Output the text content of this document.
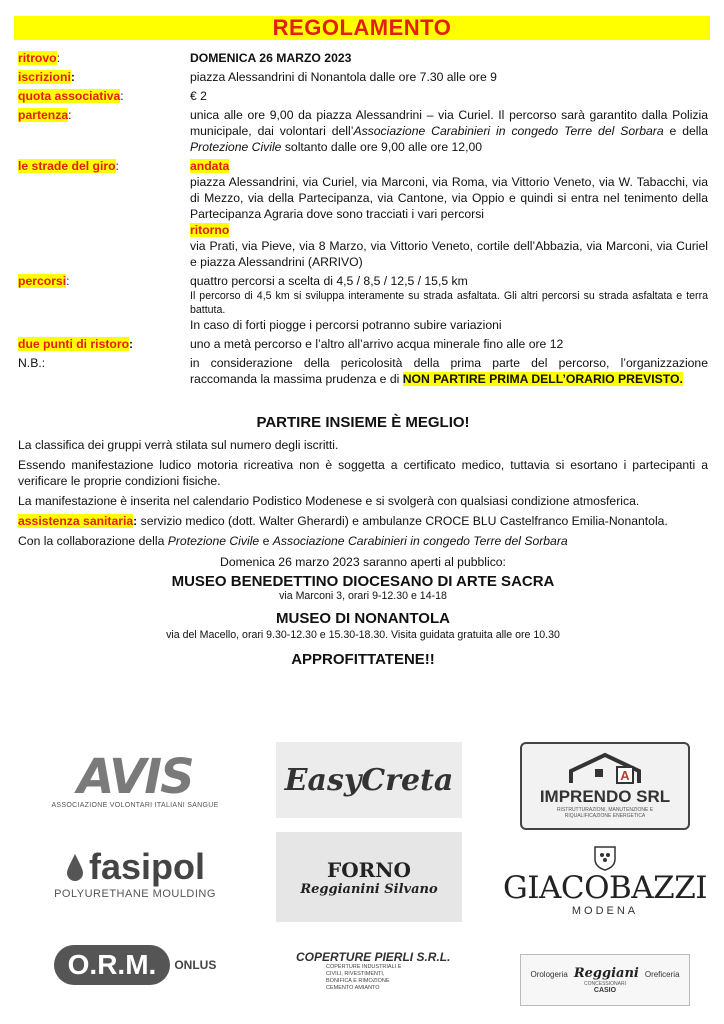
REGOLAMENTO
ritrovo:	DOMENICA 26 MARZO 2023
iscrizioni:	piazza Alessandrini di Nonantola dalle ore 7.30 alle ore 9
quota associativa:	€ 2
partenza:	unica alle ore 9,00 da piazza Alessandrini – via Curiel. Il percorso sarà garantito dalla Polizia municipale, dai volontari dell’Associazione Carabinieri in congedo Terre del Sorbara e della Protezione Civile soltanto dalle ore 9,00 alle ore 12,00
le strade del giro:	andata
piazza Alessandrini, via Curiel, via Marconi, via Roma, via Vittorio Veneto, via W. Tabacchi, via di Mezzo, via della Partecipanza, via Cantone, via Oppio e quindi si entra nel tenimento della Partecipanza Agraria dove sono tracciati i vari percorsi
ritorno
via Prati, via Pieve, via 8 Marzo, via Vittorio Veneto, cortile dell’Abbazia, via Marconi, via Curiel e piazza Alessandrini (ARRIVO)
percorsi:	quattro percorsi a scelta di 4,5 / 8,5 / 12,5 / 15,5 km
Il percorso di 4,5 km si sviluppa interamente su strada asfaltata. Gli altri percorsi su strada asfaltata e terra battuta.
In caso di forti piogge i percorsi potranno subire variazioni
due punti di ristoro:	uno a metà percorso e l’altro all’arrivo acqua minerale fino alle ore 12
N.B.:	in considerazione della pericolosità della prima parte del percorso, l’organizzazione raccomanda la massima prudenza e di NON PARTIRE PRIMA DELL’ORARIO PREVISTO.
PARTIRE INSIEME È MEGLIO!

La classifica dei gruppi verrà stilata sul numero degli iscritti.

Essendo manifestazione ludico motoria ricreativa non è soggetta a certificato medico, tuttavia si esortano i partecipanti a verificare le proprie condizioni fisiche.

La manifestazione è inserita nel calendario Podistico Modenese e si svolgerà con qualsiasi condizione atmosferica.

assistenza sanitaria: servizio medico (dott. Walter Gherardi) e ambulanze CROCE BLU Castelfranco Emilia-Nonantola.

Con la collaborazione della Protezione Civile e Associazione Carabinieri in congedo Terre del Sorbara

Domenica 26 marzo 2023 saranno aperti al pubblico:
MUSEO BENEDETTINO DIOCESANO DI ARTE SACRA
via Marconi 3, orari 9-12.30 e 14-18
MUSEO DI NONANTOLA
via del Macello, orari 9.30-12.30 e 15.30-18.30. Visita guidata gratuita alle ore 10.30
APPROFITTATENE!!
AVIS
ASSOCIAZIONE VOLONTARI ITALIANI SANGUE
EasyCreta	A
IMPRENDO SRL
RISTRUTTURAZIONI, MANUTENZIONE E RIQUALIFICAZIONE ENERGETICA
fasipol
POLYURETHANE MOULDING
FORNO
Reggianini Silvano GIACOBAZZI
MODENA
O.R.M.	ONLUS
COPERTURE PIERLI S.R.L.
COPERTURE INDUSTRIALI E
CIVILI, RIVESTIMENTI,
BONIFICA E RIMOZIONE
CEMENTO AMIANTO
Orologeria Reggiani Oreficeria
CONCESSIONARI
CASIO
